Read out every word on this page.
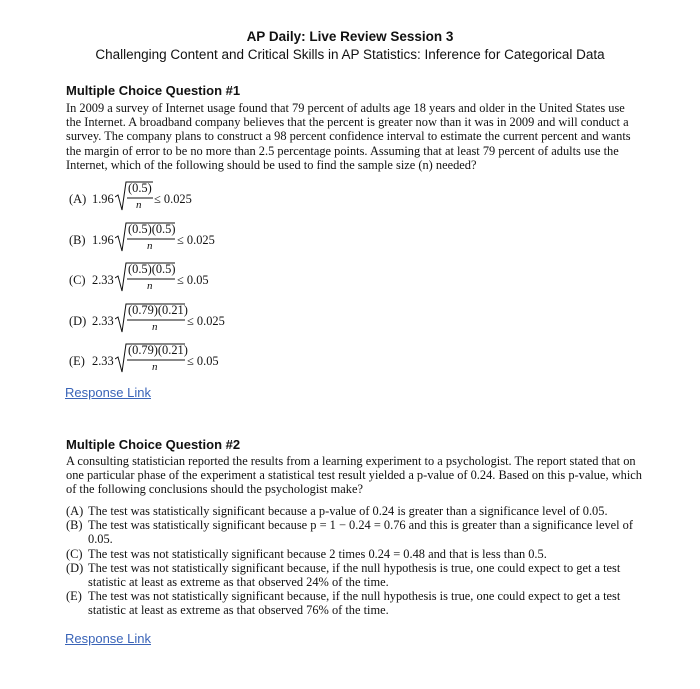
AP Daily: Live Review Session 3
Challenging Content and Critical Skills in AP Statistics: Inference for Categorical Data
Multiple Choice Question #1
In 2009 a survey of Internet usage found that 79 percent of adults age 18 years and older in the United States use the Internet. A broadband company believes that the percent is greater now than it was in 2009 and will conduct a survey. The company plans to construct a 98 percent confidence interval to estimate the current percent and wants the margin of error to be no more than 2.5 percentage points. Assuming that at least 79 percent of adults use the Internet, which of the following should be used to find the sample size (n) needed?
(A) 1.96
(0.5)
n ≤ 0.025
(B) 1.96
(0.5)(0.5)
n ≤ 0.025
(C) 2.33
(0.5)(0.5)
n ≤ 0.05
(D) 2.33
(0.79)(0.21)
n ≤ 0.025
(E) 2.33
(0.79)(0.21)
n ≤ 0.05
Response Link
Multiple Choice Question #2
A consulting statistician reported the results from a learning experiment to a psychologist. The report stated that on one particular phase of the experiment a statistical test result yielded a p-value of 0.24. Based on this p-value, which of the following conclusions should the psychologist make?
(A) The test was statistically significant because a p-value of 0.24 is greater than a significance level of 0.05.
(B) The test was statistically significant because p = 1 − 0.24 = 0.76 and this is greater than a significance level of 0.05.
(C) The test was not statistically significant because 2 times 0.24 = 0.48 and that is less than 0.5.
(D) The test was not statistically significant because, if the null hypothesis is true, one could expect to get a test statistic at least as extreme as that observed 24% of the time.
(E) The test was not statistically significant because, if the null hypothesis is true, one could expect to get a test statistic at least as extreme as that observed 76% of the time.
Response Link
